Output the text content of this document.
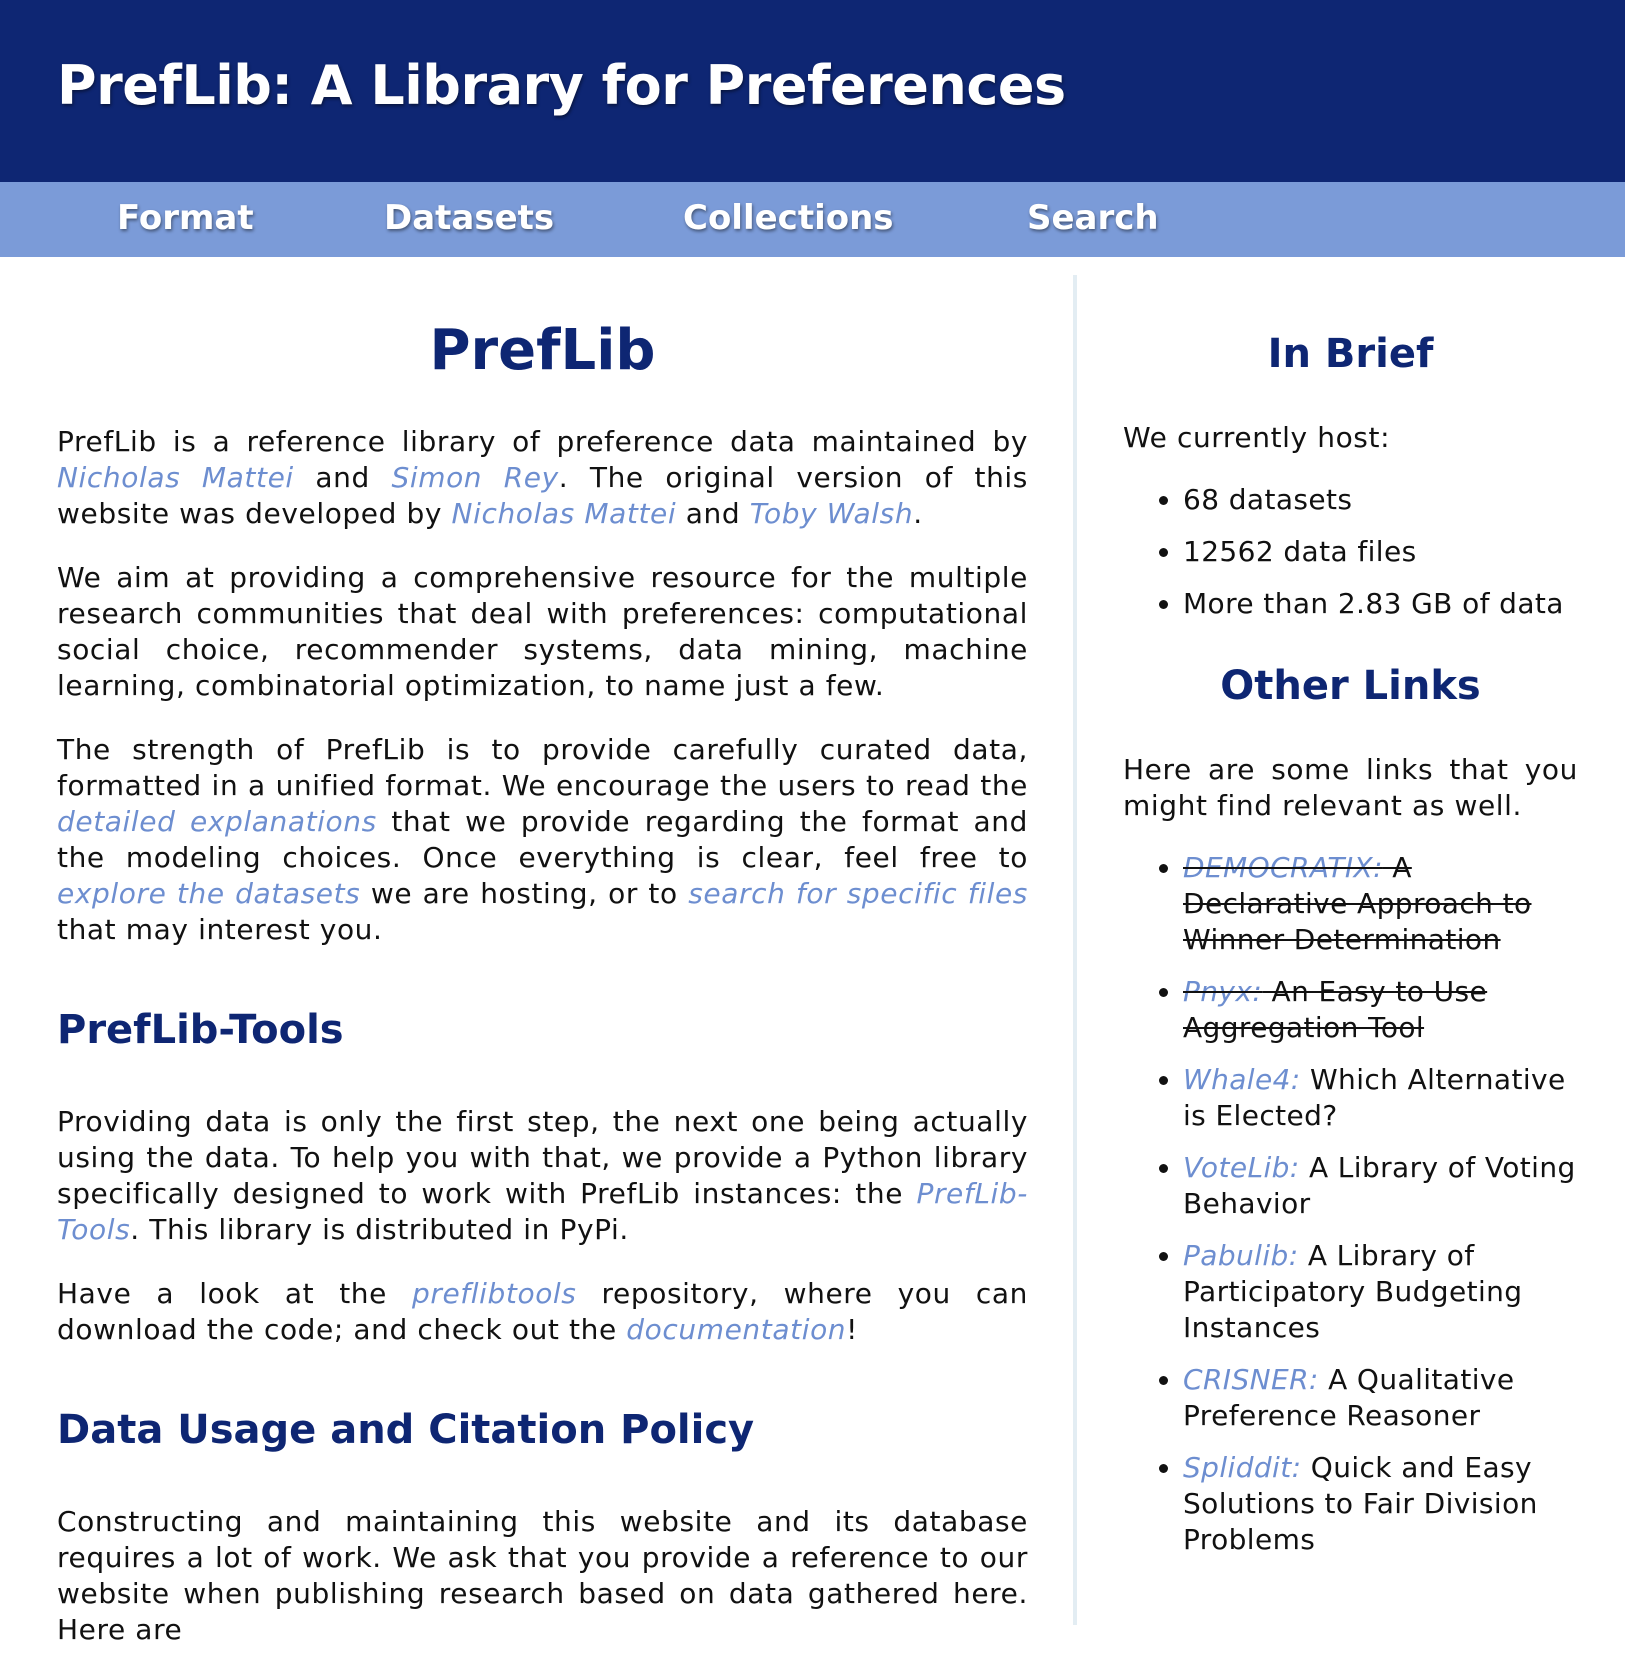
PrefLib: A Library for Preferences
Format	Datasets	Collections	Search
PrefLib

PrefLib is a reference library of preference data maintained by Nicholas Mattei and Simon Rey. The original version of this website was developed by Nicholas Mattei and Toby Walsh.

We aim at providing a comprehensive resource for the multiple research communities that deal with preferences: computational social choice, recommender systems, data mining, machine learning, combinatorial optimization, to name just a few.

The strength of PrefLib is to provide carefully curated data, formatted in a unified format. We encourage the users to read the detailed explanations that we provide regarding the format and the modeling choices. Once everything is clear, feel free to explore the datasets we are hosting, or to search for specific files that may interest you.

PrefLib-Tools

Providing data is only the first step, the next one being actually using the data. To help you with that, we provide a Python library specifically designed to work with PrefLib instances: the PrefLib-Tools. This library is distributed in PyPi.

Have a look at the preflibtools repository, where you can download the code; and check out the documentation!

Data Usage and Citation Policy

Constructing and maintaining this website and its database requires a lot of work. We ask that you provide a reference to our website when publishing research based on data gathered here. Here are

In Brief

We currently host:

• 68 datasets
• 12562 data files
• More than 2.83 GB of data
Other Links

Here are some links that you might find relevant as well.

• DEMOCRATIX: A Declarative Approach to Winner Determination
• Pnyx: An Easy to Use Aggregation Tool
• Whale4: Which Alternative is Elected?
• VoteLib: A Library of Voting Behavior
• Pabulib: A Library of Participatory Budgeting Instances
• CRISNER: A Qualitative Preference Reasoner
• Spliddit: Quick and Easy Solutions to Fair Division Problems
